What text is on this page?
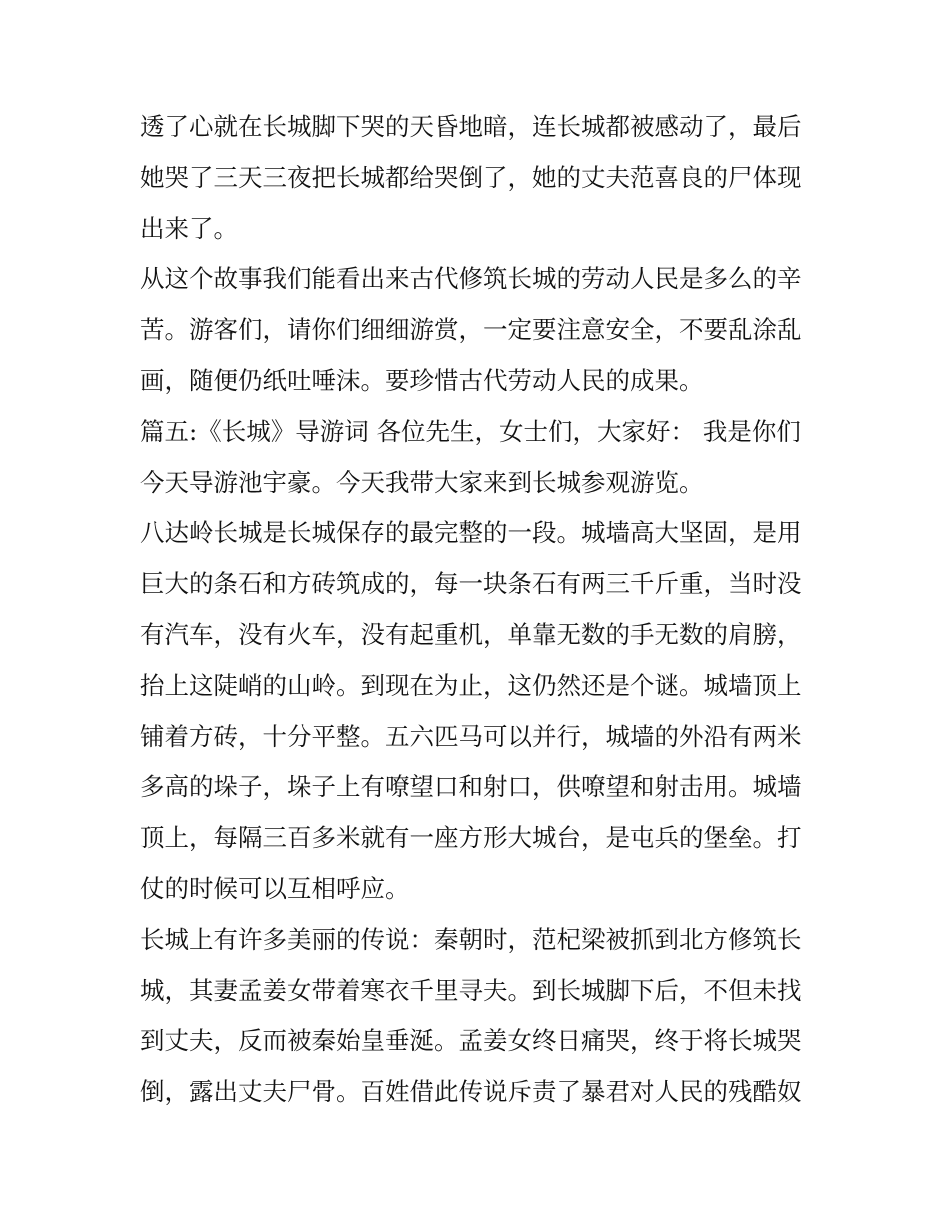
透了心就在长城脚下哭的天昏地暗，连长城都被感动了，最后
她哭了三天三夜把长城都给哭倒了，她的丈夫范喜良的尸体现
出来了。
从这个故事我们能看出来古代修筑长城的劳动人民是多么的辛
苦。游客们，请你们细细游赏，一定要注意安全，不要乱涂乱
画，随便仍纸吐唾沫。要珍惜古代劳动人民的成果。
篇五:《长城》导游词 各位先生，女士们，大家好： 我是你们
今天导游池宇豪。今天我带大家来到长城参观游览。
八达岭长城是长城保存的最完整的一段。城墙高大坚固，是用
巨大的条石和方砖筑成的，每一块条石有两三千斤重，当时没
有汽车，没有火车，没有起重机，单靠无数的手无数的肩膀，
抬上这陡峭的山岭。到现在为止，这仍然还是个谜。城墙顶上
铺着方砖，十分平整。五六匹马可以并行，城墙的外沿有两米
多高的垛子，垛子上有嘹望口和射口，供嘹望和射击用。城墙
顶上，每隔三百多米就有一座方形大城台，是屯兵的堡垒。打
仗的时候可以互相呼应。
长城上有许多美丽的传说：秦朝时，范杞梁被抓到北方修筑长
城，其妻孟姜女带着寒衣千里寻夫。到长城脚下后，不但未找
到丈夫，反而被秦始皇垂涎。孟姜女终日痛哭，终于将长城哭
倒，露出丈夫尸骨。百姓借此传说斥责了暴君对人民的残酷奴
